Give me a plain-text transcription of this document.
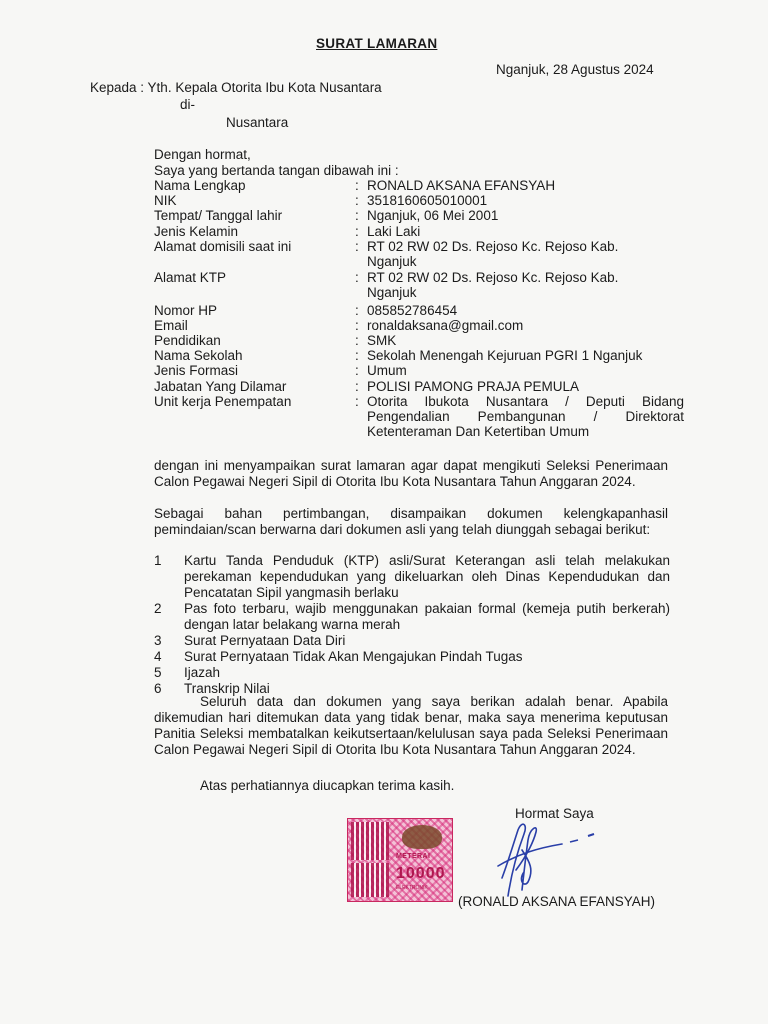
SURAT LAMARAN
Nganjuk, 28 Agustus 2024
Kepada : Yth. Kepala Otorita Ibu Kota Nusantara
di-
Nusantara
Dengan hormat,
Saya yang bertanda tangan dibawah ini :
Nama Lengkap	: RONALD AKSANA EFANSYAH
NIK	: 3518160605010001
Tempat/ Tanggal lahir	: Nganjuk, 06 Mei 2001
Jenis Kelamin	: Laki Laki
Alamat domisili saat ini	: RT 02 RW 02 Ds. Rejoso Kc. Rejoso Kab.
Nganjuk
Alamat KTP	: RT 02 RW 02 Ds. Rejoso Kc. Rejoso Kab.
Nganjuk
Nomor HP	: 085852786454
Email	: ronaldaksana@gmail.com
Pendidikan	: SMK
Nama Sekolah	: Sekolah Menengah Kejuruan PGRI 1 Nganjuk
Jenis Formasi	: Umum
Jabatan Yang Dilamar	: POLISI PAMONG PRAJA PEMULA
Unit kerja Penempatan	: Otorita Ibukota Nusantara / Deputi Bidang Pengendalian Pembangunan / Direktorat Ketenteraman Dan Ketertiban Umum
dengan ini menyampaikan surat lamaran agar dapat mengikuti Seleksi Penerimaan Calon Pegawai Negeri Sipil di Otorita Ibu Kota Nusantara Tahun Anggaran 2024.
Sebagai bahan pertimbangan, disampaikan dokumen kelengkapanhasil pemindaian/scan berwarna dari dokumen asli yang telah diunggah sebagai berikut:
1	Kartu Tanda Penduduk (KTP) asli/Surat Keterangan asli telah melakukan perekaman kependudukan yang dikeluarkan oleh Dinas Kependudukan dan Pencatatan Sipil yangmasih berlaku
2	Pas foto terbaru, wajib menggunakan pakaian formal (kemeja putih berkerah) dengan latar belakang warna merah
3	Surat Pernyataan Data Diri
4	Surat Pernyataan Tidak Akan Mengajukan Pindah Tugas
5	Ijazah
6	Transkrip Nilai
Seluruh data dan dokumen yang saya berikan adalah benar. Apabila dikemudian hari ditemukan data yang tidak benar, maka saya menerima keputusan Panitia Seleksi membatalkan keikutsertaan/kelulusan saya pada Seleksi Penerimaan Calon Pegawai Negeri Sipil di Otorita Ibu Kota Nusantara Tahun Anggaran 2024.
Atas perhatiannya diucapkan terima kasih.
Hormat Saya
METERAI
10000
ELEKTRONIK
(RONALD AKSANA EFANSYAH)
